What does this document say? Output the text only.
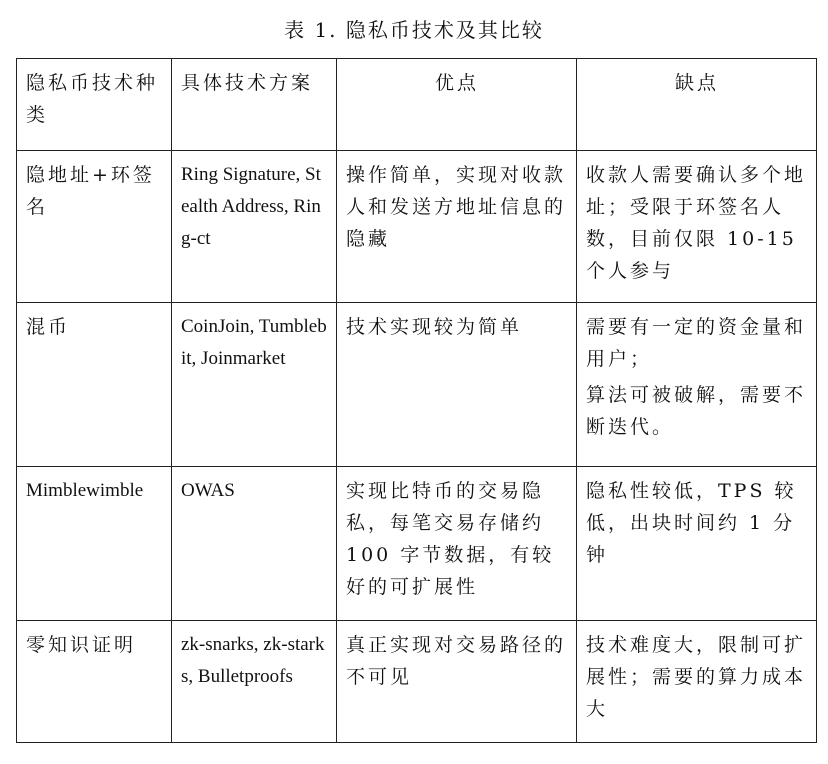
表 1. 隐私币技术及其比较
隐私币技术种类	具体技术方案	优点	缺点
隐地址+环签名	Ring Signature, Stealth Address, Ring-ct	操作简单，实现对收款人和发送方地址信息的隐藏	收款人需要确认多个地址；受限于环签名人数，目前仅限 10-15 个人参与

混币	CoinJoin, Tumblebit, Joinmarket	技术实现较为简单	需要有一定的资金量和用户；
算法可被破解，需要不断迭代。

Mimblewimble	OWAS	实现比特币的交易隐私，每笔交易存储约 100 字节数据，有较好的可扩展性	隐私性较低，TPS 较低，出块时间约 1 分钟

零知识证明	zk-snarks, zk-starks, Bulletproofs	真正实现对交易路径的不可见	技术难度大，限制可扩展性；需要的算力成本大
